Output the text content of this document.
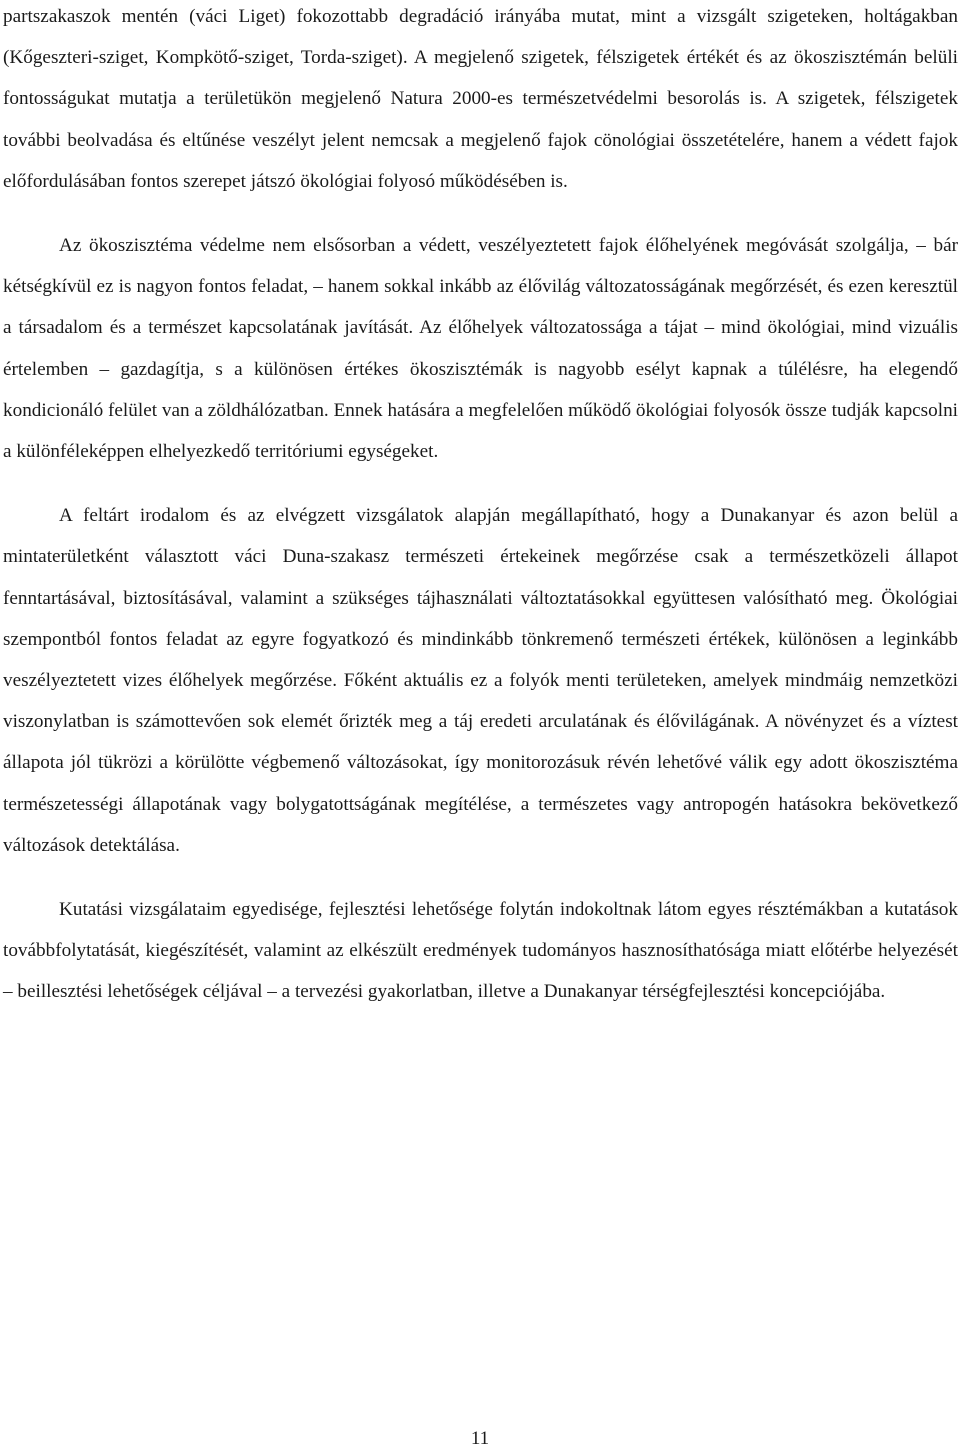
partszakaszok mentén (váci Liget) fokozottabb degradáció irányába mutat, mint a vizsgált szigeteken, holtágakban (Kőgeszteri-sziget, Kompkötő-sziget, Torda-sziget). A megjelenő szigetek, félszigetek értékét és az ökoszisztémán belüli fontosságukat mutatja a területükön megjelenő Natura 2000-es természetvédelmi besorolás is. A szigetek, félszigetek további beolvadása és eltűnése veszélyt jelent nemcsak a megjelenő fajok cönológiai összetételére, hanem a védett fajok előfordulásában fontos szerepet játszó ökológiai folyosó működésében is.

Az ökoszisztéma védelme nem elsősorban a védett, veszélyeztetett fajok élőhelyének megóvását szolgálja, – bár kétségkívül ez is nagyon fontos feladat, – hanem sokkal inkább az élővilág változatosságának megőrzését, és ezen keresztül a társadalom és a természet kapcsolatának javítását. Az élőhelyek változatossága a tájat – mind ökológiai, mind vizuális értelemben – gazdagítja, s a különösen értékes ökoszisztémák is nagyobb esélyt kapnak a túlélésre, ha elegendő kondicionáló felület van a zöldhálózatban. Ennek hatására a megfelelően működő ökológiai folyosók össze tudják kapcsolni a különféleképpen elhelyezkedő territóriumi egységeket.

A feltárt irodalom és az elvégzett vizsgálatok alapján megállapítható, hogy a Dunakanyar és azon belül a mintaterületként választott váci Duna-szakasz természeti értekeinek megőrzése csak a természetközeli állapot fenntartásával, biztosításával, valamint a szükséges tájhasználati változtatásokkal együttesen valósítható meg. Ökológiai szempontból fontos feladat az egyre fogyatkozó és mindinkább tönkremenő természeti értékek, különösen a leginkább veszélyeztetett vizes élőhelyek megőrzése. Főként aktuális ez a folyók menti területeken, amelyek mindmáig nemzetközi viszonylatban is számottevően sok elemét őrizték meg a táj eredeti arculatának és élővilágának. A növényzet és a víztest állapota jól tükrözi a körülötte végbemenő változásokat, így monitorozásuk révén lehetővé válik egy adott ökoszisztéma természetességi állapotának vagy bolygatottságának megítélése, a természetes vagy antropogén hatásokra bekövetkező változások detektálása.

Kutatási vizsgálataim egyedisége, fejlesztési lehetősége folytán indokoltnak látom egyes résztémákban a kutatások továbbfolytatását, kiegészítését, valamint az elkészült eredmények tudományos hasznosíthatósága miatt előtérbe helyezését – beillesztési lehetőségek céljával – a tervezési gyakorlatban, illetve a Dunakanyar térségfejlesztési koncepciójába.

11
